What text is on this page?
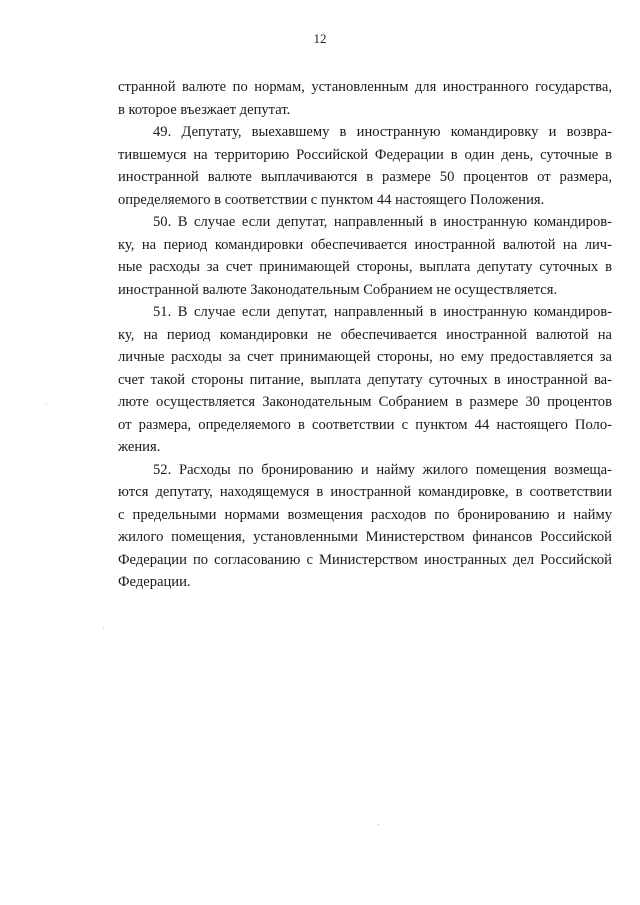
12
странной валюте по нормам, установленным для иностранного государства,
в которое въезжает депутат.
49. Депутату, выехавшему в иностранную командировку и возвра-
тившемуся на территорию Российской Федерации в один день, суточные в
иностранной валюте выплачиваются в размере 50 процентов от размера,
определяемого в соответствии с пунктом 44 настоящего Положения.
50. В случае если депутат, направленный в иностранную командиров-
ку, на период командировки обеспечивается иностранной валютой на лич-
ные расходы за счет принимающей стороны, выплата депутату суточных в
иностранной валюте Законодательным Собранием не осуществляется.
51. В случае если депутат, направленный в иностранную командиров-
ку, на период командировки не обеспечивается иностранной валютой на
личные расходы за счет принимающей стороны, но ему предоставляется за
счет такой стороны питание, выплата депутату суточных в иностранной ва-
люте осуществляется Законодательным Собранием в размере 30 процентов
от размера, определяемого в соответствии с пунктом 44 настоящего Поло-
жения.
52. Расходы по бронированию и найму жилого помещения возмеща-
ются депутату, находящемуся в иностранной командировке, в соответствии
с предельными нормами возмещения расходов по бронированию и найму
жилого помещения, установленными Министерством финансов Российской
Федерации по согласованию с Министерством иностранных дел Российской
Федерации.
